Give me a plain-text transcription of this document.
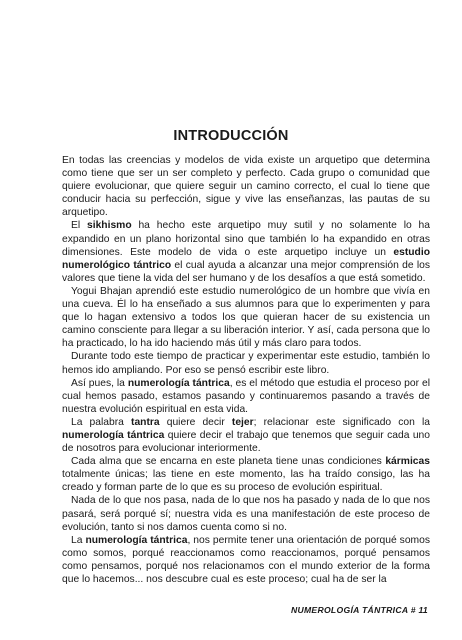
INTRODUCCIÓN

En todas las creencias y modelos de vida existe un arquetipo que determina como tiene que ser un ser completo y perfecto. Cada grupo o comunidad que quiere evolucionar, que quiere seguir un camino correcto, el cual lo tiene que conducir hacia su perfección, sigue y vive las enseñanzas, las pautas de su arquetipo.

El sikhismo ha hecho este arquetipo muy sutil y no solamente lo ha expandido en un plano horizontal sino que también lo ha expandido en otras dimensiones. Este modelo de vida o este arquetipo incluye un estudio numerológico tántrico el cual ayuda a alcanzar una mejor comprensión de los valores que tiene la vida del ser humano y de los desafíos a que está sometido.

Yogui Bhajan aprendió este estudio numerológico de un hombre que vivía en una cueva. Él lo ha enseñado a sus alumnos para que lo experimenten y para que lo hagan extensivo a todos los que quieran hacer de su existencia un camino consciente para llegar a su liberación interior. Y así, cada persona que lo ha practicado, lo ha ido haciendo más útil y más claro para todos.

Durante todo este tiempo de practicar y experimentar este estudio, también lo hemos ido ampliando. Por eso se pensó escribir este libro.

Así pues, la numerología tántrica, es el método que estudia el proceso por el cual hemos pasado, estamos pasando y continuaremos pasando a través de nuestra evolución espiritual en esta vida.

La palabra tantra quiere decir tejer; relacionar este significado con la numerología tántrica quiere decir el trabajo que tenemos que seguir cada uno de nosotros para evolucionar interiormente.

Cada alma que se encarna en este planeta tiene unas condiciones kármicas totalmente únicas; las tiene en este momento, las ha traído consigo, las ha creado y forman parte de lo que es su proceso de evolución espiritual.

Nada de lo que nos pasa, nada de lo que nos ha pasado y nada de lo que nos pasará, será porqué sí; nuestra vida es una manifestación de este proceso de evolución, tanto si nos damos cuenta como si no.

La numerología tántrica, nos permite tener una orientación de porqué somos como somos, porqué reaccionamos como reaccionamos, porqué pensamos como pensamos, porqué nos relacionamos con el mundo exterior de la forma que lo hacemos... nos descubre cual es este proceso; cual ha de ser la

NUMEROLOGÍA TÁNTRICA # 11
